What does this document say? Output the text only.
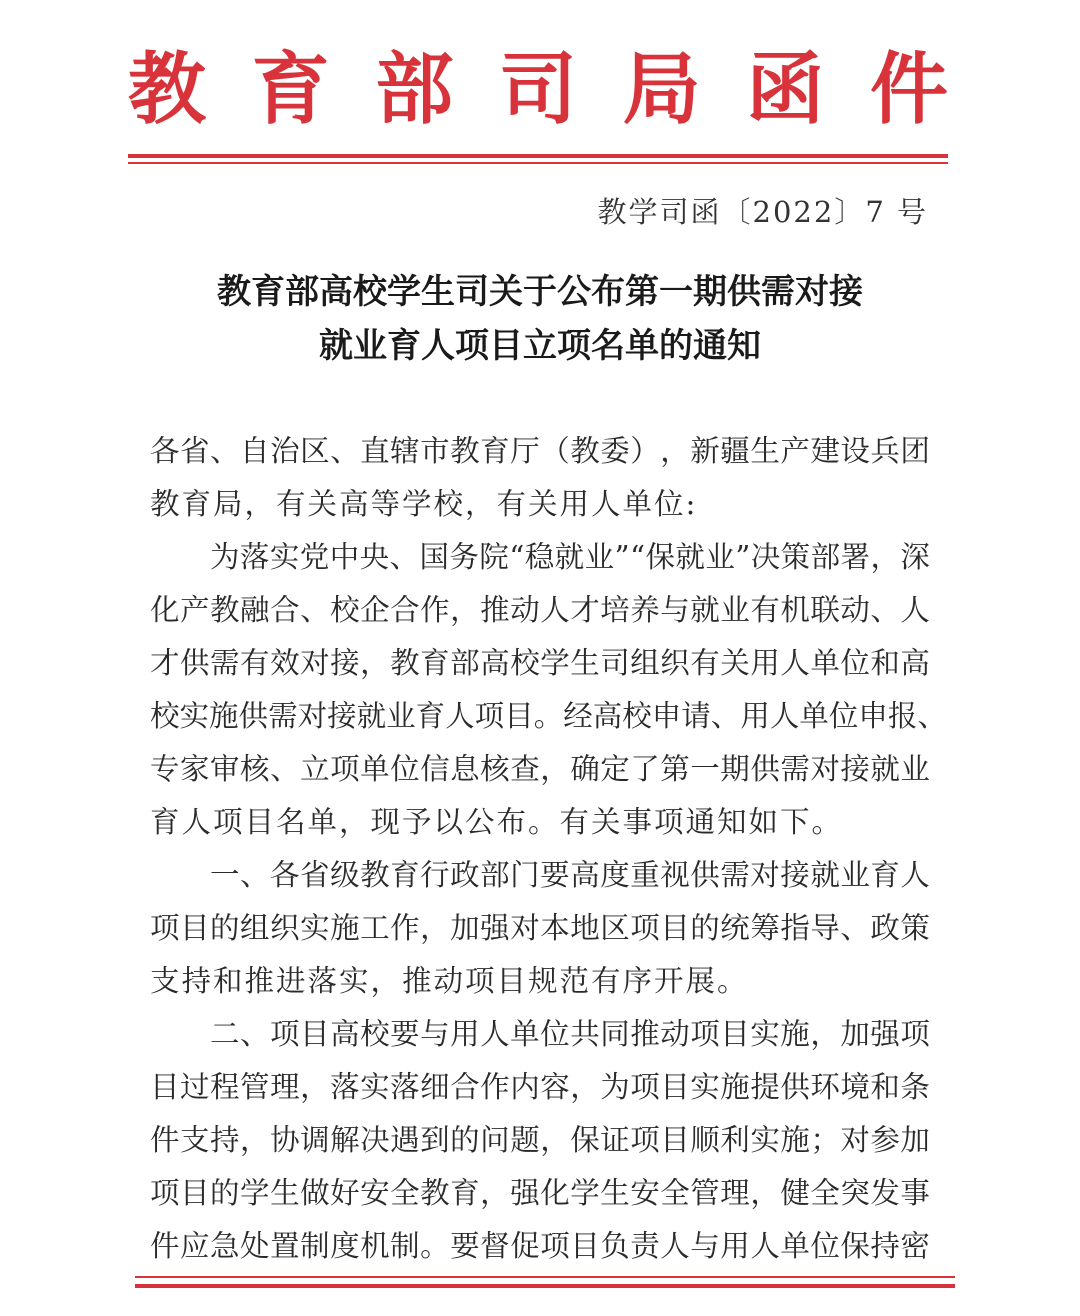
教 育 部 司 局 函 件
教学司函〔2022〕7 号
教育部高校学生司关于公布第一期供需对接
就业育人项目立项名单的通知
各 省 、 自 治 区 、 直 辖 市 教 育 厅 （ 教 委 ） ， 新 疆 生 产 建 设 兵 团
教育局，有关高等学校，有关用人单位:
为 落 实 党 中 央 、 国 务 院 “ 稳 就 业 ” “ 保 就 业 ” 决 策 部 署 ， 深
化 产 教 融 合 、 校 企 合 作 ， 推 动 人 才 培 养 与 就 业 有 机 联 动 、 人
才 供 需 有 效 对 接 ， 教 育 部 高 校 学 生 司 组 织 有 关 用 人 单 位 和 高
校 实 施 供 需 对 接 就 业 育 人 项 目 。 经 高 校 申 请 、 用 人 单 位 申 报 、
专 家 审 核 、 立 项 单 位 信 息 核 查 ， 确 定 了 第 一 期 供 需 对 接 就 业
育人项目名单，现予以公布。有关事项通知如下。
一 、 各 省 级 教 育 行 政 部 门 要 高 度 重 视 供 需 对 接 就 业 育 人
项 目 的 组 织 实 施 工 作 ， 加 强 对 本 地 区 项 目 的 统 筹 指 导 、 政 策
支持和推进落实，推动项目规范有序开展。
二 、 项 目 高 校 要 与 用 人 单 位 共 同 推 动 项 目 实 施 ， 加 强 项
目 过 程 管 理 ， 落 实 落 细 合 作 内 容 ， 为 项 目 实 施 提 供 环 境 和 条
件 支 持 ， 协 调 解 决 遇 到 的 问 题 ， 保 证 项 目 顺 利 实 施 ； 对 参 加
项 目 的 学 生 做 好 安 全 教 育 ， 强 化 学 生 安 全 管 理 ， 健 全 突 发 事
件 应 急 处 置 制 度 机 制 。 要 督 促 项 目 负 责 人 与 用 人 单 位 保 持 密
